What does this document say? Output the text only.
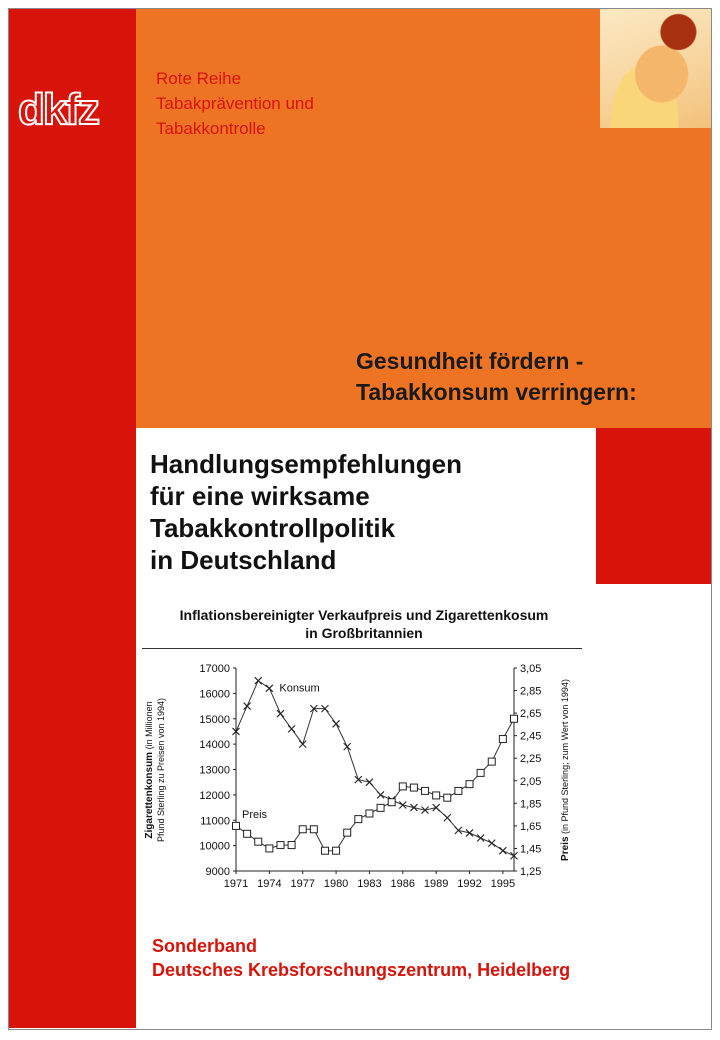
dkfz
Rote Reihe
Tabakprävention und
Tabakkontrolle
Gesundheit fördern -
Tabakkonsum verringern:
Handlungsempfehlungen
für eine wirksame
Tabakkontrollpolitik
in Deutschland
Inflationsbereinigter Verkaufpreis und Zigarettenkosum
in Großbritannien
17000
16000
15000
14000
13000
12000
11000
10000
9000
3,05
2,85
2,65
2,45
2,25
2,05
1,85
1,65
1,45
1,25
1971 1974 1977 1980 1983 1986 1989 1992 1995
Zigarettenkonsum (in Millionen Pfund Sterling zu Preisen von 1994)
Preis (in Pfund Sterling; zum Wert von 1994)
Konsum
Preis
Sonderband
Deutsches Krebsforschungszentrum, Heidelberg
